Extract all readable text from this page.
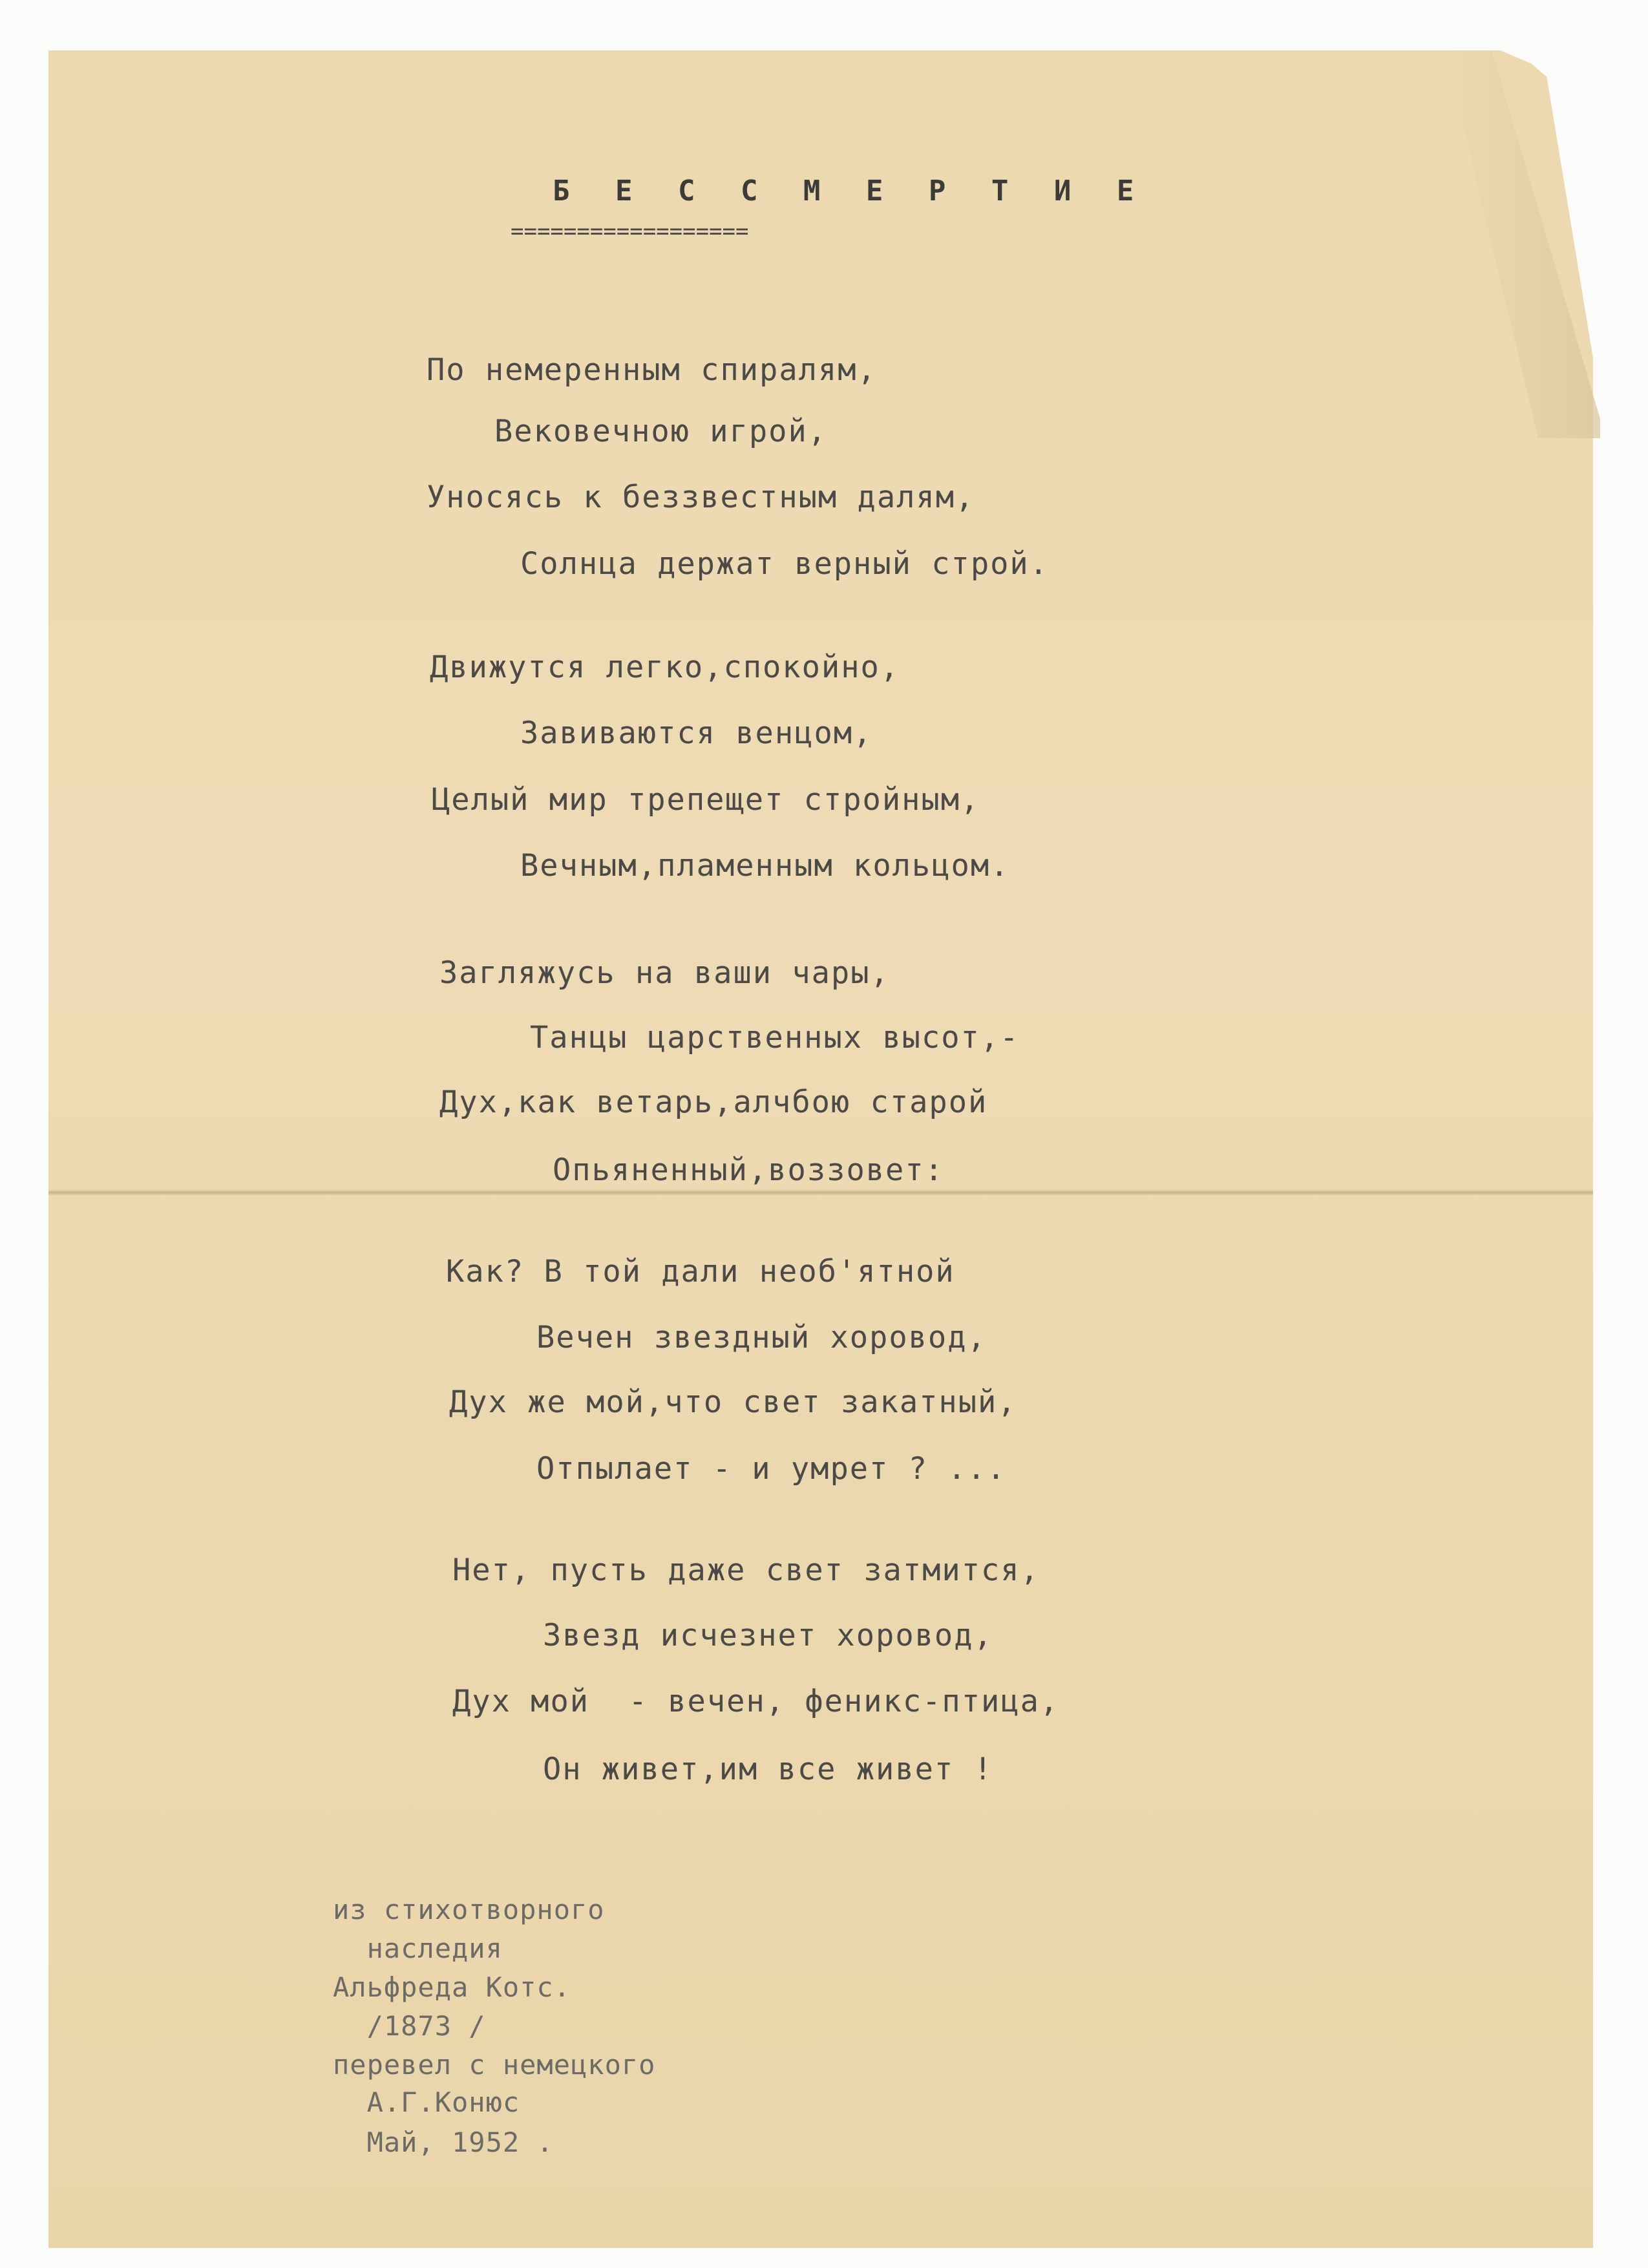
Б Е С С М Е Р Т И Е
==================
По немеренным спиралям,
Вековечною игрой,
Уносясь к беззвестным далям,
Солнца держат верный строй.
Движутся легко,спокойно,
Завиваются венцом,
Целый мир трепещет стройным,
Вечным,пламенным кольцом.
Загляжусь на ваши чары,
Танцы царственных высот,-
Дух,как ветарь,алчбою старой
Опьяненный,воззовет:
Как? В той дали необ'ятной
Вечен звездный хоровод,
Дух же мой,что свет закатный,
Отпылает - и умрет ? ...
Нет, пусть даже свет затмится,
Звезд исчезнет хоровод,
Дух мой  - вечен, феникс-птица,
Он живет,им все живет !
из стихотворного
наследия
Альфреда Котс.
/1873 /
перевел с немецкого
А.Г.Конюс
Май, 1952 .
